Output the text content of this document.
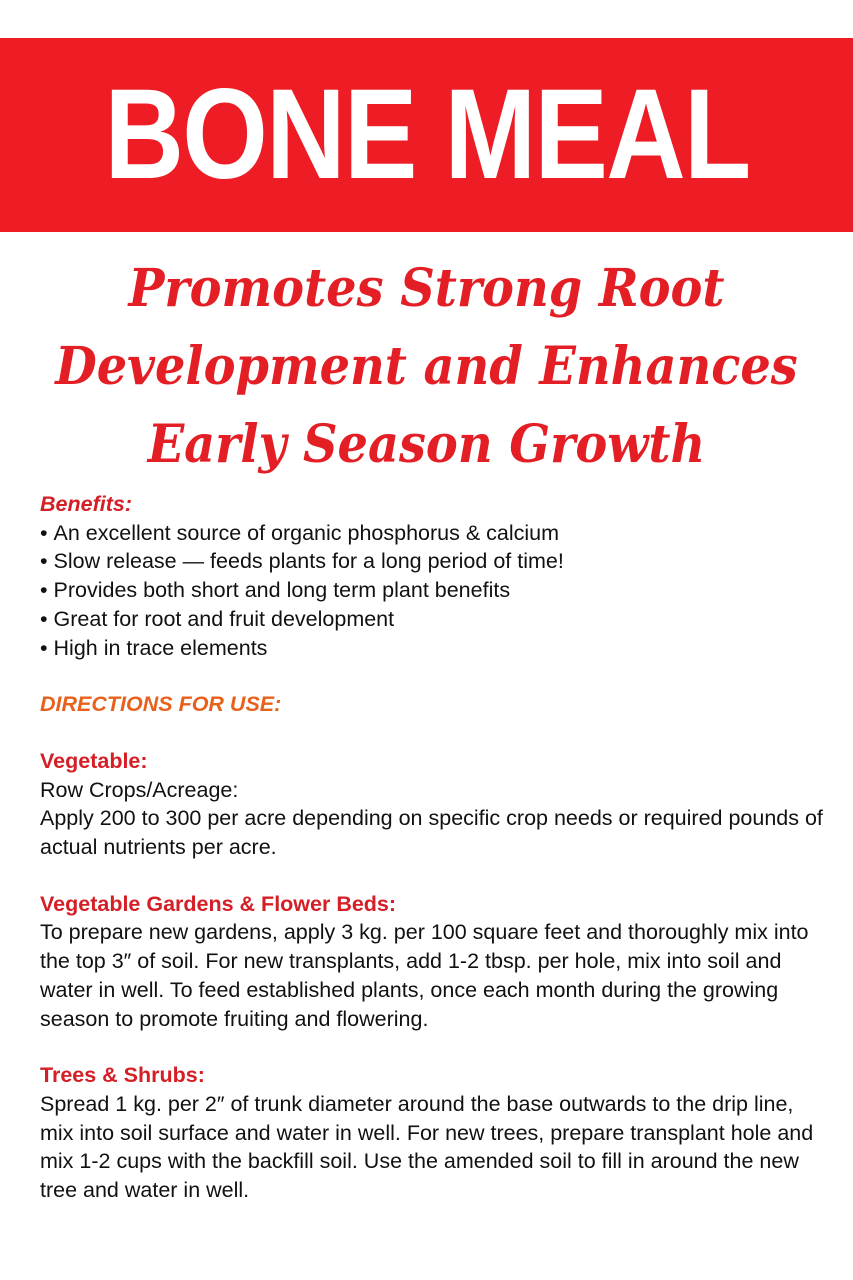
BONE MEAL
Promotes Strong Root
Development and Enhances
Early Season Growth
Benefits:
• An excellent source of organic phosphorus & calcium
• Slow release — feeds plants for a long period of time!
• Provides both short and long term plant benefits
• Great for root and fruit development
• High in trace elements
DIRECTIONS FOR USE:
Vegetable:

Row Crops/Acreage:

Apply 200 to 300 per acre depending on specific crop needs or required pounds of actual nutrients per acre.

Vegetable Gardens & Flower Beds:

To prepare new gardens, apply 3 kg. per 100 square feet and thoroughly mix into the top 3″ of soil. For new transplants, add 1-2 tbsp. per hole, mix into soil and water in well. To feed established plants, once each month during the growing season to promote fruiting and flowering.

Trees & Shrubs:

Spread 1 kg. per 2″ of trunk diameter around the base outwards to the drip line, mix into soil surface and water in well. For new trees, prepare transplant hole and mix 1-2 cups with the backfill soil. Use the amended soil to fill in around the new tree and water in well.
